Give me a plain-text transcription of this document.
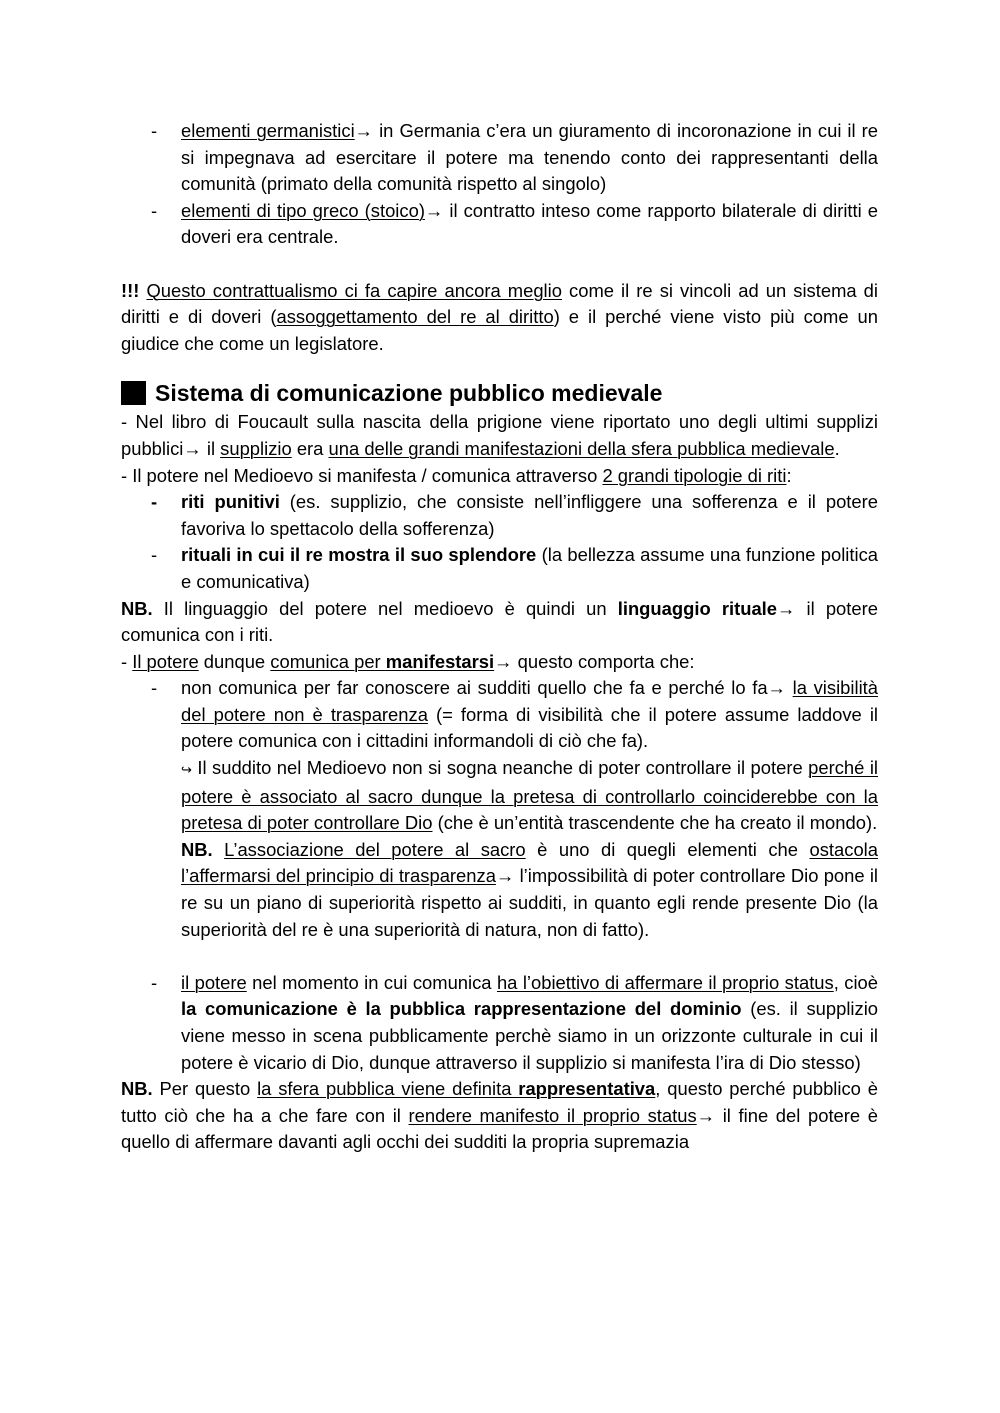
- elementi germanistici→ in Germania c’era un giuramento di incoronazione in cui il re si impegnava ad esercitare il potere ma tenendo conto dei rappresentanti della comunità (primato della comunità rispetto al singolo)
- elementi di tipo greco (stoico)→ il contratto inteso come rapporto bilaterale di diritti e doveri era centrale.

!!! Questo contrattualismo ci fa capire ancora meglio come il re si vincoli ad un sistema di diritti e di doveri (assoggettamento del re al diritto) e il perché viene visto più come un giudice che come un legislatore.

Sistema di comunicazione pubblico medievale

- Nel libro di Foucault sulla nascita della prigione viene riportato uno degli ultimi supplizi pubblici→ il supplizio era una delle grandi manifestazioni della sfera pubblica medievale.

- Il potere nel Medioevo si manifesta / comunica attraverso 2 grandi tipologie di riti:

- riti punitivi (es. supplizio, che consiste nell’infliggere una sofferenza e il potere favoriva lo spettacolo della sofferenza)
- rituali in cui il re mostra il suo splendore (la bellezza assume una funzione politica e comunicativa)

NB. Il linguaggio del potere nel medioevo è quindi un linguaggio rituale→ il potere comunica con i riti.

- Il potere dunque comunica per manifestarsi→ questo comporta che:

- non comunica per far conoscere ai sudditi quello che fa e perché lo fa→ la visibilità del potere non è trasparenza (= forma di visibilità che il potere assume laddove il potere comunica con i cittadini informandoli di ciò che fa).
↪ Il suddito nel Medioevo non si sogna neanche di poter controllare il potere perché il potere è associato al sacro dunque la pretesa di controllarlo coinciderebbe con la pretesa di poter controllare Dio (che è un’entità trascendente che ha creato il mondo).
NB. L’associazione del potere al sacro è uno di quegli elementi che ostacola l’affermarsi del principio di trasparenza→ l’impossibilità di poter controllare Dio pone il re su un piano di superiorità rispetto ai sudditi, in quanto egli rende presente Dio (la superiorità del re è una superiorità di natura, non di fatto).
- il potere nel momento in cui comunica ha l’obiettivo di affermare il proprio status, cioè la comunicazione è la pubblica rappresentazione del dominio (es. il supplizio viene messo in scena pubblicamente perchè siamo in un orizzonte culturale in cui il potere è vicario di Dio, dunque attraverso il supplizio si manifesta l’ira di Dio stesso)

NB. Per questo la sfera pubblica viene definita rappresentativa, questo perché pubblico è tutto ciò che ha a che fare con il rendere manifesto il proprio status→ il fine del potere è quello di affermare davanti agli occhi dei sudditi la propria supremazia
